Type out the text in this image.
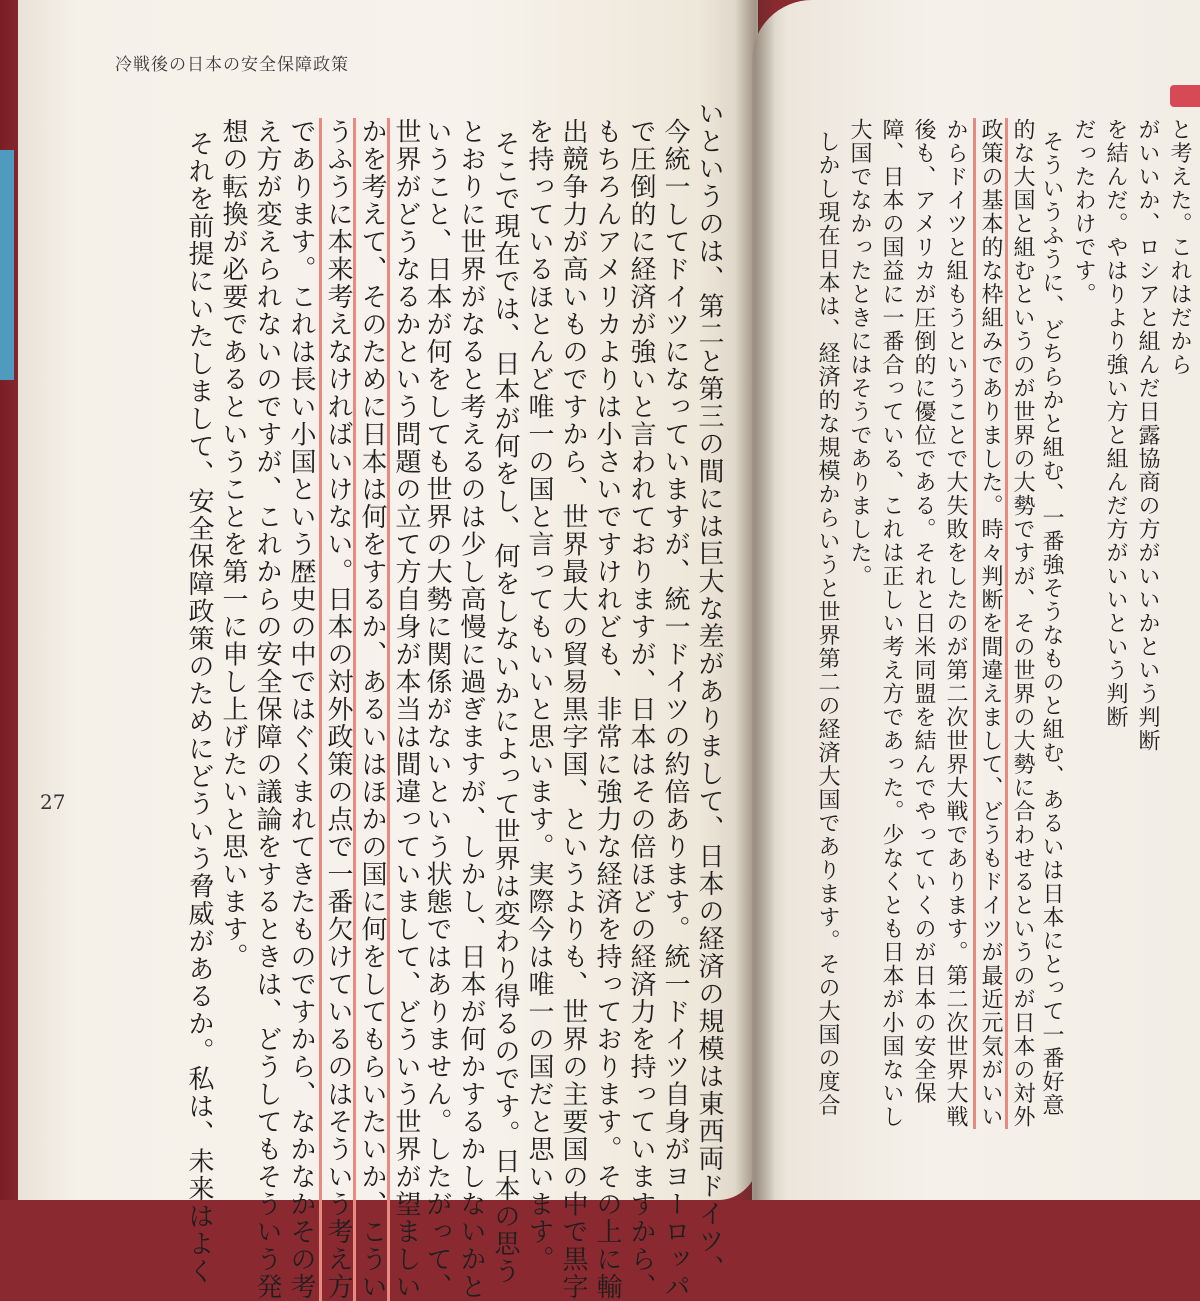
冷戦後の日本の安全保障政策
27	いというのは、第二と第三の間には巨大な差がありまして、日本の経済の規模は東西両ドイツ、
今統一してドイツになっていますが、統一ドイツの約倍あります。統一ドイツ自身がヨーロッパ
で圧倒的に経済が強いと言われておりますが、日本はその倍ほどの経済力を持っていますから、
もちろんアメリカよりは小さいですけれども、非常に強力な経済を持っております。その上に輸
出競争力が高いものですから、世界最大の貿易黒字国、というよりも、世界の主要国の中で黒字
を持っているほとんど唯一の国と言ってもいいと思います。実際今は唯一の国だと思います。
そこで現在では、日本が何をし、何をしないかによって世界は変わり得るのです。日本の思う
とおりに世界がなると考えるのは少し高慢に過ぎますが、しかし、日本が何かするかしないかと
いうこと、日本が何をしても世界の大勢に関係がないという状態ではありません。したがって、
世界がどうなるかという問題の立て方自身が本当は間違っていまして、どういう世界が望ましい
かを考えて、そのために日本は何をするか、あるいはほかの国に何をしてもらいたいか、こうい
うふうに本来考えなければいけない。日本の対外政策の点で一番欠けているのはそういう考え方
であります。これは長い小国という歴史の中ではぐくまれてきたものですから、なかなかその考
え方が変えられないのですが、これからの安全保障の議論をするときは、どうしてもそういう発
想の転換が必要であるということを第一に申し上げたいと思います。
それを前提にいたしまして、安全保障政策のためにどういう脅威があるか。私は、未来はよく	と考えた。これはだから
がいいか、ロシアと組んだ日露協商の方がいいかという判断
を結んだ。やはりより強い方と組んだ方がいいという判断
だったわけです。
そういうふうに、どちらかと組む、一番強そうなものと組む、あるいは日本にとって一番好意
的な大国と組むというのが世界の大勢ですが、その世界の大勢に合わせるというのが日本の対外
政策の基本的な枠組みでありました。時々判断を間違えまして、どうもドイツが最近元気がいい
からドイツと組もうということで大失敗をしたのが第二次世界大戦であります。第二次世界大戦
後も、アメリカが圧倒的に優位である。それと日米同盟を結んでやっていくのが日本の安全保
障、日本の国益に一番合っている、これは正しい考え方であった。少なくとも日本が小国ないし
大国でなかったときにはそうでありました。
しかし現在日本は、経済的な規模からいうと世界第二の経済大国であります。その大国の度合
